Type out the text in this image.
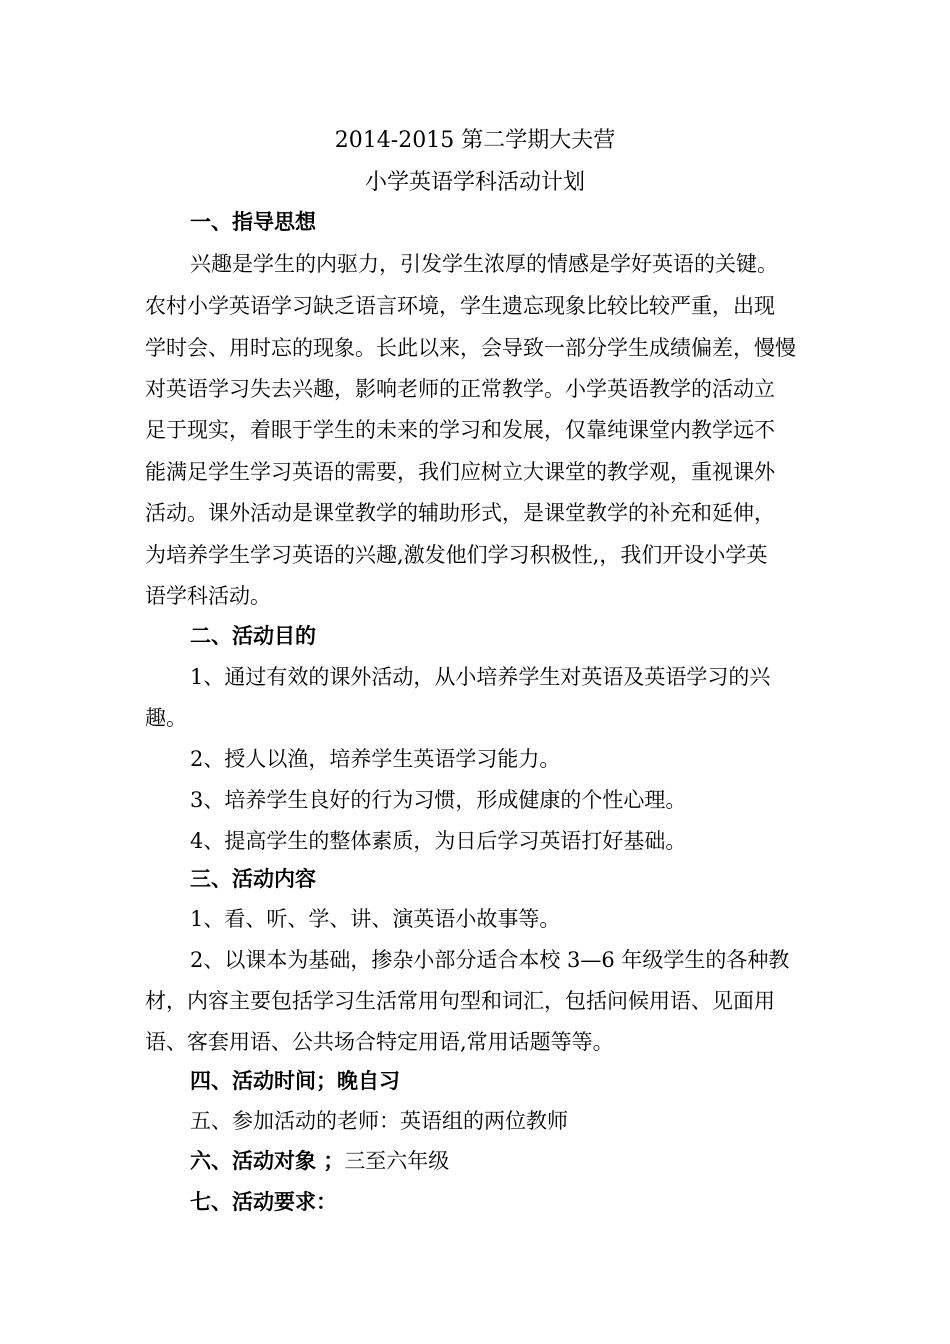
2014-2015 第二学期大夫营
小学英语学科活动计划
一、指导思想
兴趣是学生的内驱力，引发学生浓厚的情感是学好英语的关键。
农村小学英语学习缺乏语言环境，学生遗忘现象比较比较严重，出现
学时会、用时忘的现象。长此以来，会导致一部分学生成绩偏差，慢慢
对英语学习失去兴趣，影响老师的正常教学。小学英语教学的活动立
足于现实，着眼于学生的未来的学习和发展，仅靠纯课堂内教学远不
能满足学生学习英语的需要，我们应树立大课堂的教学观，重视课外
活动。课外活动是课堂教学的辅助形式，是课堂教学的补充和延伸，
为培养学生学习英语的兴趣,激发他们学习积极性,，我们开设小学英
语学科活动。
二、活动目的
1、通过有效的课外活动，从小培养学生对英语及英语学习的兴
趣。
2、授人以渔，培养学生英语学习能力。
3、培养学生良好的行为习惯，形成健康的个性心理。
4、提高学生的整体素质，为日后学习英语打好基础。
三、活动内容
1、看、听、学、讲、演英语小故事等。
2、以课本为基础，掺杂小部分适合本校 3—6 年级学生的各种教
材，内容主要包括学习生活常用句型和词汇，包括问候用语、见面用
语、客套用语、公共场合特定用语,常用话题等等。
四、活动时间；晚自习
五、参加活动的老师：英语组的两位教师
六、活动对象 ；三至六年级
七、活动要求：
